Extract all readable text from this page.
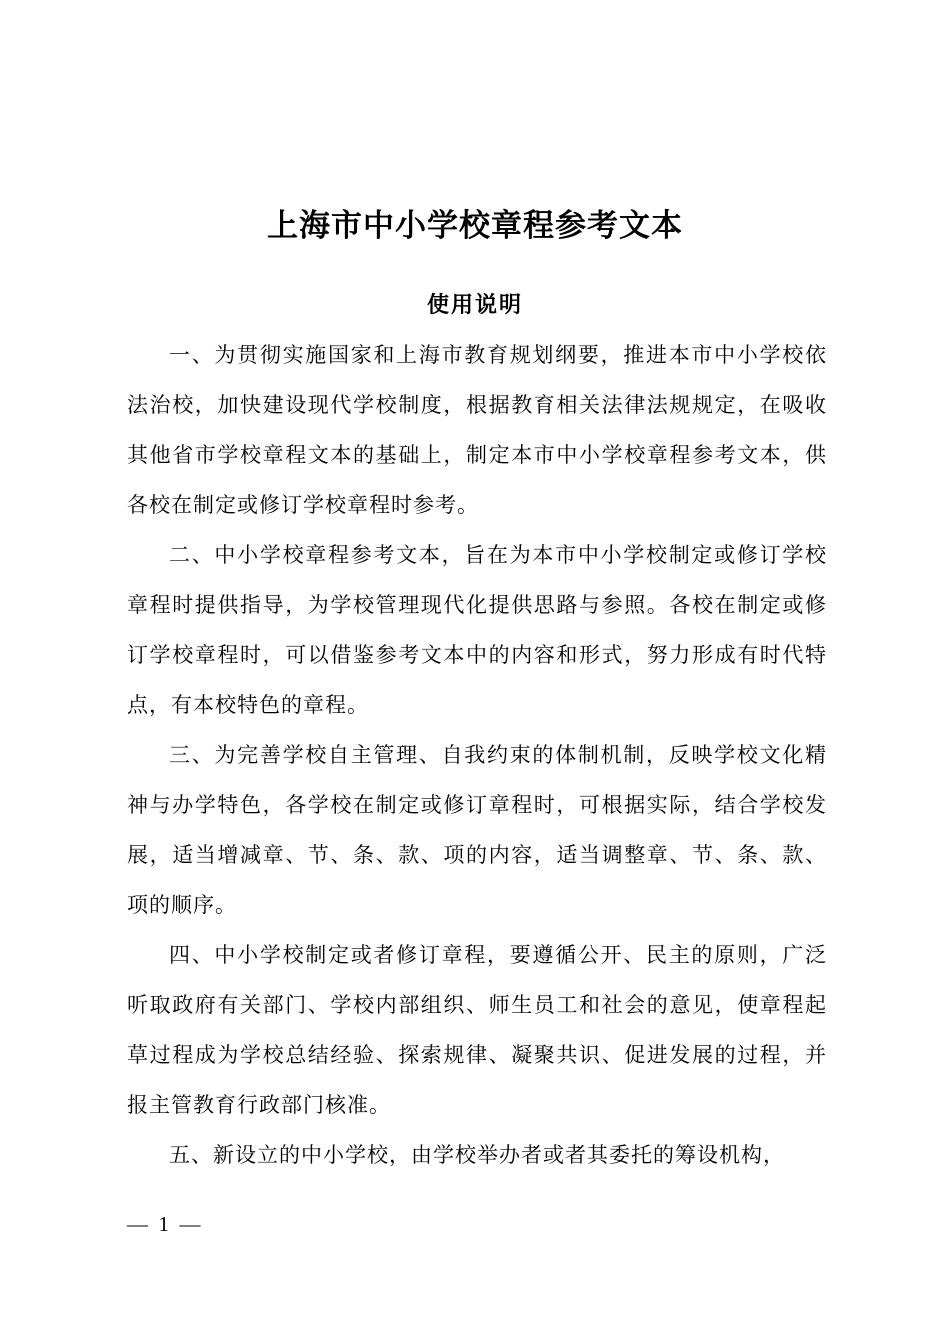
上海市中小学校章程参考文本
使用说明

一、为贯彻实施国家和上海市教育规划纲要，推进本市中小学校依法治校，加快建设现代学校制度，根据教育相关法律法规规定，在吸收其他省市学校章程文本的基础上，制定本市中小学校章程参考文本，供各校在制定或修订学校章程时参考。

二、中小学校章程参考文本，旨在为本市中小学校制定或修订学校章程时提供指导，为学校管理现代化提供思路与参照。各校在制定或修订学校章程时，可以借鉴参考文本中的内容和形式，努力形成有时代特点，有本校特色的章程。

三、为完善学校自主管理、自我约束的体制机制，反映学校文化精神与办学特色，各学校在制定或修订章程时，可根据实际，结合学校发展，适当增减章、节、条、款、项的内容，适当调整章、节、条、款、项的顺序。

四、中小学校制定或者修订章程，要遵循公开、民主的原则，广泛听取政府有关部门、学校内部组织、师生员工和社会的意见，使章程起草过程成为学校总结经验、探索规律、凝聚共识、促进发展的过程，并报主管教育行政部门核准。

五、新设立的中小学校，由学校举办者或者其委托的筹设机构，

—  1  —
